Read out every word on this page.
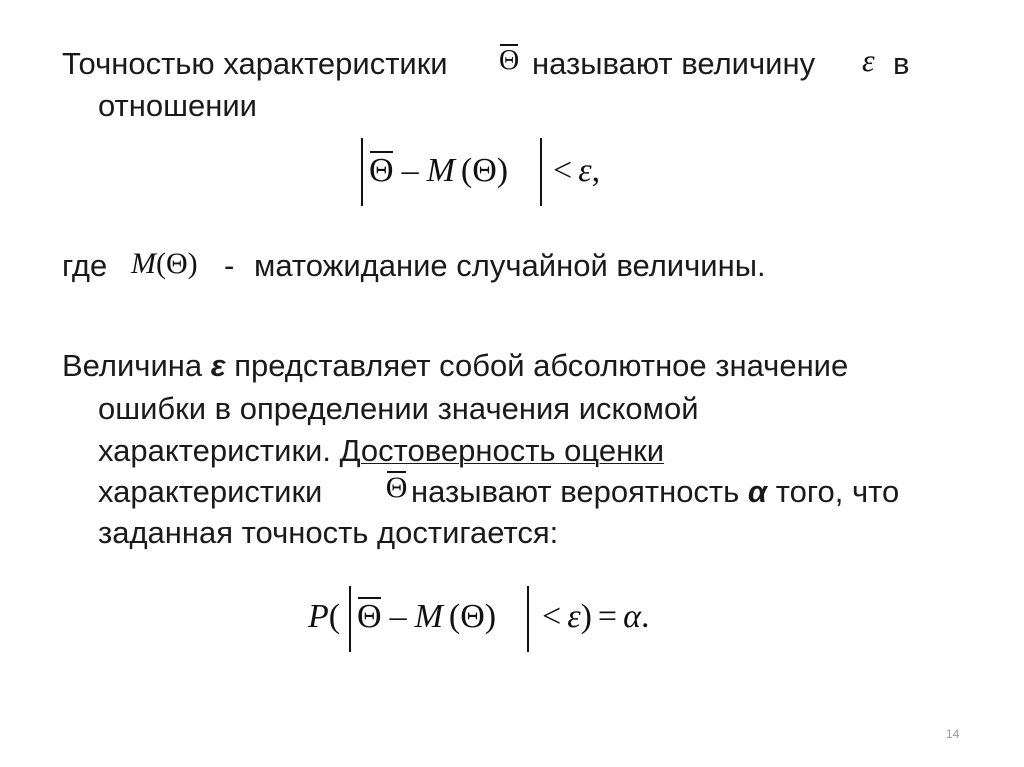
Точностью характеристики Θ называют величину ε в
отношении
Θ – M (Θ) < ε,
где M(Θ) - матожидание случайной величины.
Величина ε представляет собой абсолютное значение
ошибки в определении значения искомой
характеристики. Достоверность оценки
характеристики Θ называют вероятность α того, что
заданная точность достигается:
P( Θ – M (Θ) < ε) = α.
14
